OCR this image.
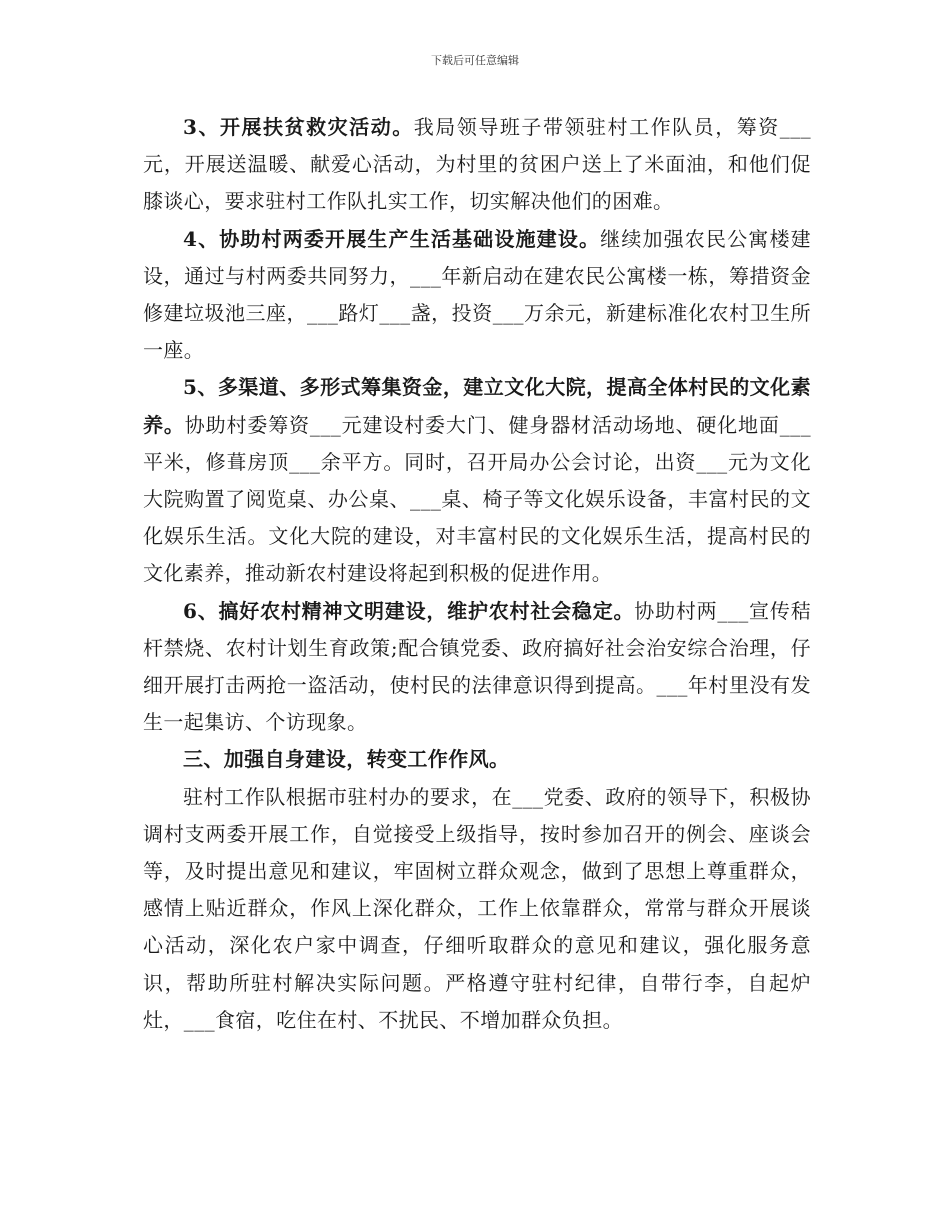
下载后可任意编辑

3、开展扶贫救灾活动。我局领导班子带领驻村工作队员，筹资___元，开展送温暖、献爱心活动，为村里的贫困户送上了米面油，和他们促膝谈心，要求驻村工作队扎实工作，切实解决他们的困难。

4、协助村两委开展生产生活基础设施建设。继续加强农民公寓楼建设，通过与村两委共同努力，___年新启动在建农民公寓楼一栋，筹措资金修建垃圾池三座，___路灯___盏，投资___万余元，新建标准化农村卫生所一座。

5、多渠道、多形式筹集资金，建立文化大院，提高全体村民的文化素养。协助村委筹资___元建设村委大门、健身器材活动场地、硬化地面___平米，修葺房顶___余平方。同时，召开局办公会讨论，出资___元为文化大院购置了阅览桌、办公桌、___桌、椅子等文化娱乐设备，丰富村民的文化娱乐生活。文化大院的建设，对丰富村民的文化娱乐生活，提高村民的文化素养，推动新农村建设将起到积极的促进作用。

6、搞好农村精神文明建设，维护农村社会稳定。协助村两___宣传秸杆禁烧、农村计划生育政策;配合镇党委、政府搞好社会治安综合治理，仔细开展打击两抢一盗活动，使村民的法律意识得到提高。___年村里没有发生一起集访、个访现象。

三、加强自身建设，转变工作作风。

驻村工作队根据市驻村办的要求，在___党委、政府的领导下，积极协调村支两委开展工作，自觉接受上级指导，按时参加召开的例会、座谈会等，及时提出意见和建议，牢固树立群众观念，做到了思想上尊重群众，感情上贴近群众，作风上深化群众，工作上依靠群众，常常与群众开展谈心活动，深化农户家中调查，仔细听取群众的意见和建议，强化服务意识，帮助所驻村解决实际问题。严格遵守驻村纪律，自带行李，自起炉灶，___食宿，吃住在村、不扰民、不增加群众负担。
